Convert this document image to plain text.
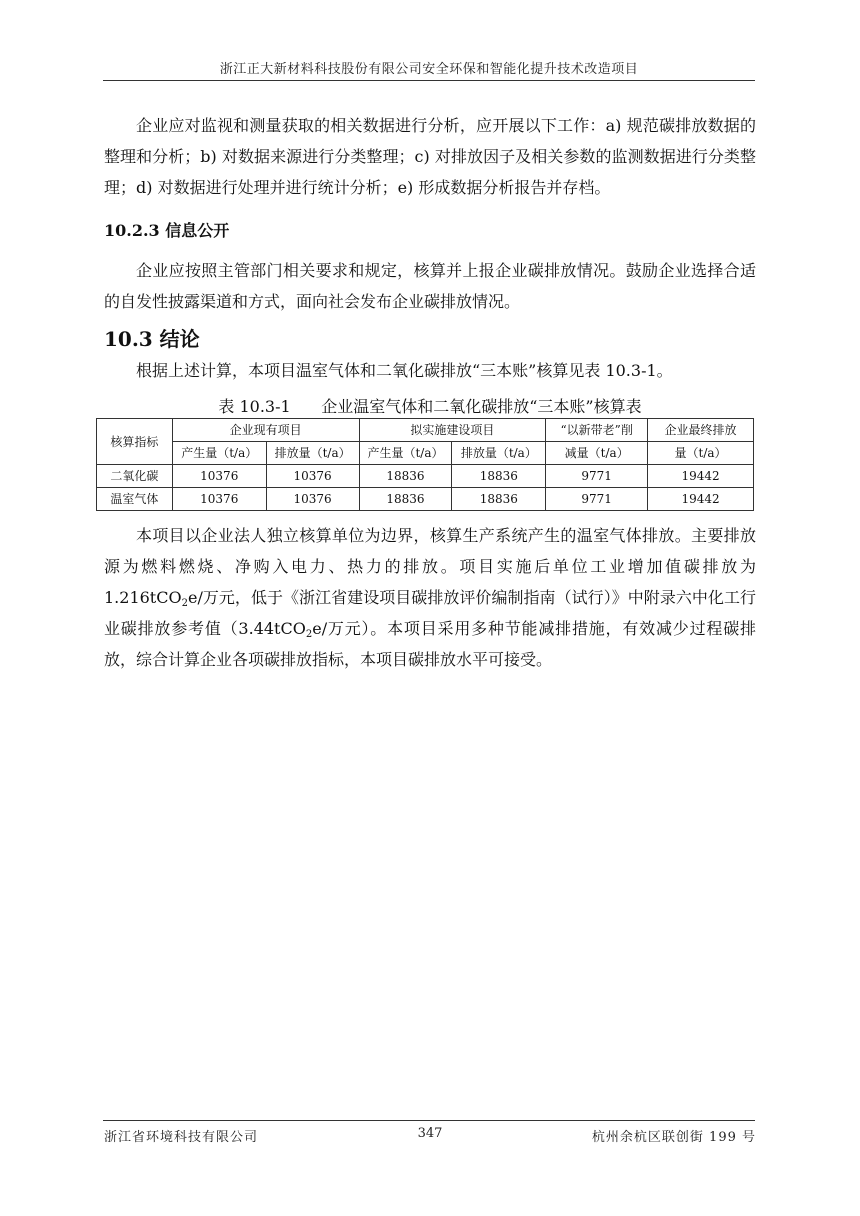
浙江正大新材料科技股份有限公司安全环保和智能化提升技术改造项目
企业应对监视和测量获取的相关数据进行分析，应开展以下工作：a) 规范碳排放数据的整理和分析；b) 对数据来源进行分类整理；c) 对排放因子及相关参数的监测数据进行分类整理；d) 对数据进行处理并进行统计分析；e) 形成数据分析报告并存档。
10.2.3 信息公开
企业应按照主管部门相关要求和规定，核算并上报企业碳排放情况。鼓励企业选择合适的自发性披露渠道和方式，面向社会发布企业碳排放情况。
10.3 结论
根据上述计算，本项目温室气体和二氧化碳排放“三本账”核算见表 10.3-1。
表 10.3-1 企业温室气体和二氧化碳排放“三本账”核算表
核算指标	企业现有项目		拟实施建设项目		“以新带老”削	企业最终排放
	产生量（t/a）	排放量（t/a）	产生量（t/a）	排放量（t/a）	减量（t/a）	量（t/a）
二氧化碳	10376	10376	18836	18836	9771	19442
温室气体	10376	10376	18836	18836	9771	19442
本项目以企业法人独立核算单位为边界，核算生产系统产生的温室气体排放。主要排放源为燃料燃烧、净购入电力、热力的排放。项目实施后单位工业增加值碳排放为 1.216tCO$_2$e/万元，低于《浙江省建设项目碳排放评价编制指南（试行）》中附录六中化工行业碳排放参考值（3.44tCO$_2$e/万元）。本项目采用多种节能减排措施，有效减少过程碳排放，综合计算企业各项碳排放指标，本项目碳排放水平可接受。
浙江省环境科技有限公司	347	杭州余杭区联创街 199 号
